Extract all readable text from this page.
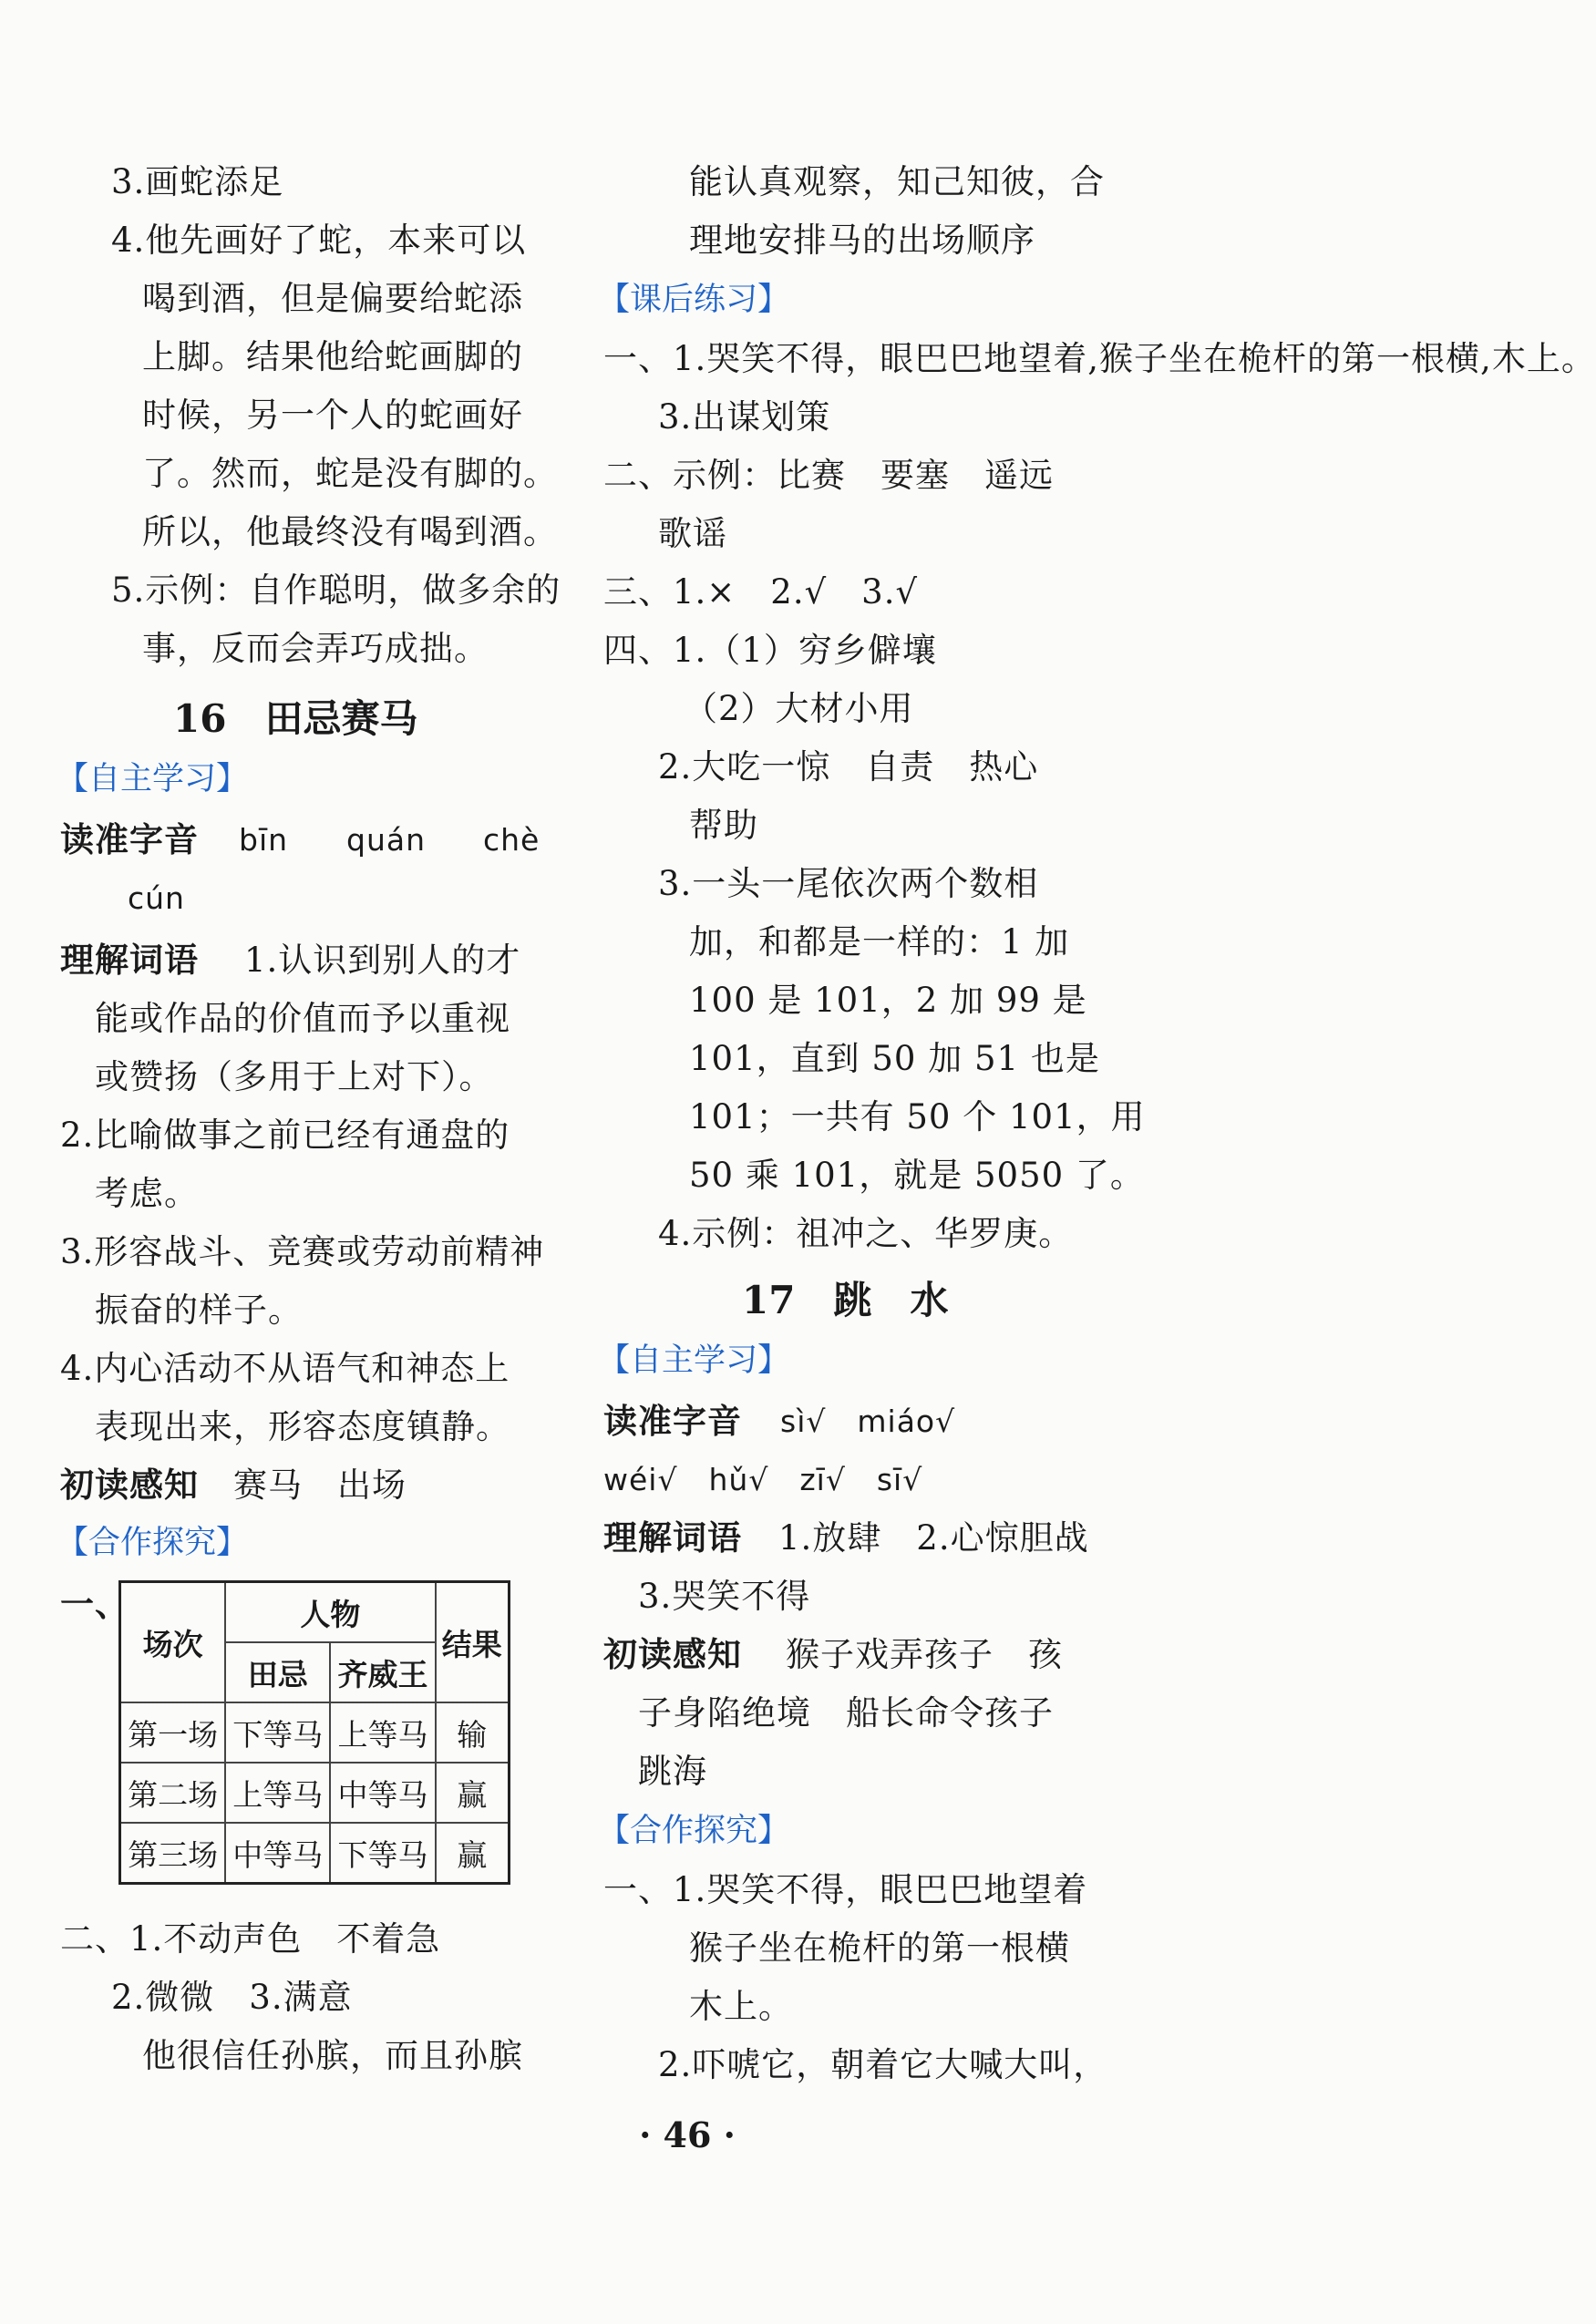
3.画蛇添足
4.他先画好了蛇，本来可以
喝到酒，但是偏要给蛇添
上脚。结果他给蛇画脚的
时候，另一个人的蛇画好
了。然而，蛇是没有脚的。
所以，他最终没有喝到酒。
5.示例：自作聪明，做多余的
事，反而会弄巧成拙。
16　田忌赛马
【自主学习】
读准字音 bīn quán chè
cún
理解词语 1.认识到别人的才
能或作品的价值而予以重视
或赞扬（多用于上对下）。
2.比喻做事之前已经有通盘的
考虑。
3.形容战斗、竞赛或劳动前精神
振奋的样子。
4.内心活动不从语气和神态上
表现出来，形容态度镇静。
初读感知 赛马　出场
【合作探究】
一、
场次	人物		结果
	田忌	齐威王	
第一场	下等马	上等马	输
第二场	上等马	中等马	赢
第三场	中等马	下等马	赢
二、1.不动声色　不着急
2.微微　3.满意
他很信任孙膑，而且孙膑
能认真观察，知己知彼，合
理地安排马的出场顺序
【课后练习】
一、1.哭笑不得，眼巴巴地望着,猴子坐在桅杆的第一根横,木上。
3.出谋划策
二、示例：比赛　要塞　遥远
歌谣
三、1.×　2.√　3.√
四、1.（1）穷乡僻壤
（2）大材小用
2.大吃一惊　自责　热心
帮助
3.一头一尾依次两个数相
加，和都是一样的：1 加
100 是 101，2 加 99 是
101，直到 50 加 51 也是
101；一共有 50 个 101，用
50 乘 101，就是 5050 了。
4.示例：祖冲之、华罗庚。
17　跳　水
【自主学习】
读准字音 sì√　miáo√
wéi√　hǔ√　zī√　sī√
理解词语 1.放肆　2.心惊胆战
3.哭笑不得
初读感知 猴子戏弄孩子　孩
子身陷绝境　船长命令孩子
跳海
【合作探究】
一、1.哭笑不得，眼巴巴地望着
猴子坐在桅杆的第一根横
木上。
2.吓唬它，朝着它大喊大叫，
· 46 ·
